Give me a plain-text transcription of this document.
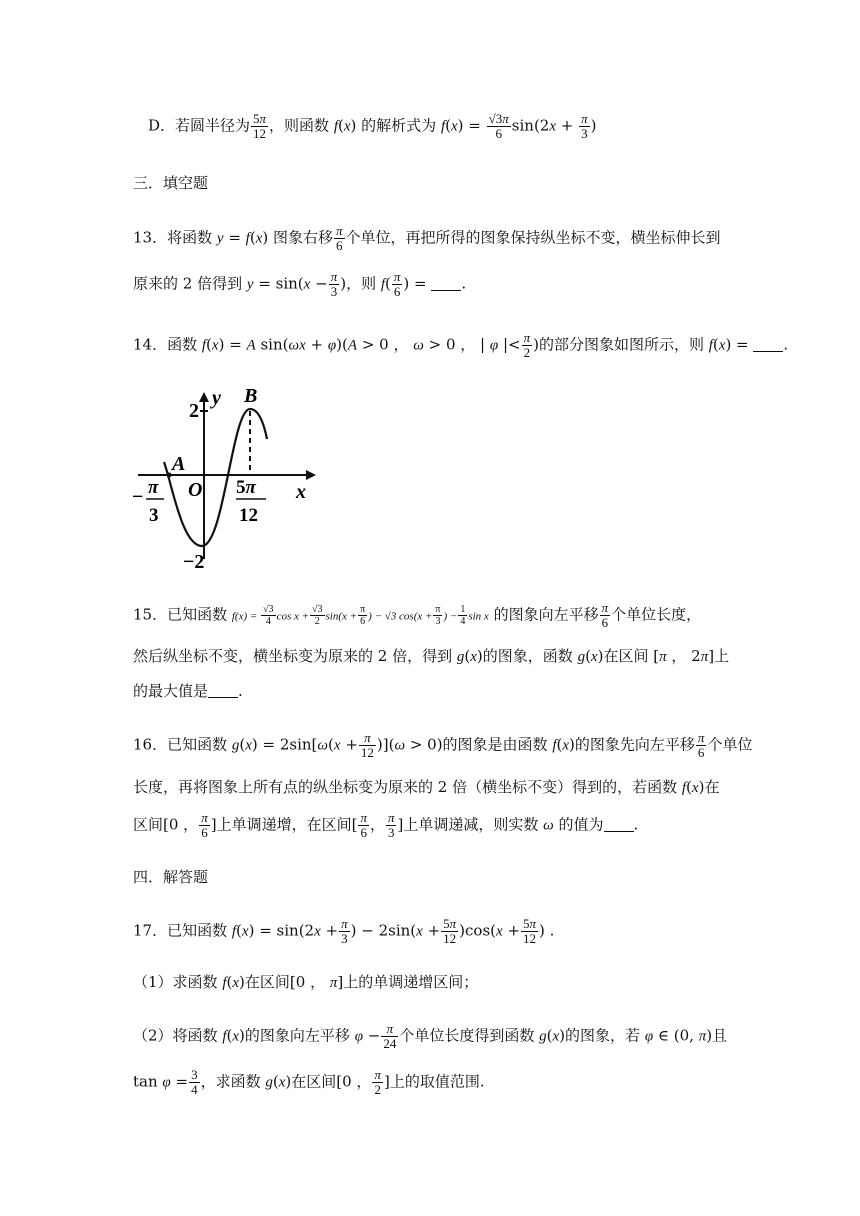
D．若圆半径为 $\frac{5\pi}{12}$ ，则函数 f(x) 的解析式为 $f(x) = \frac{√3\pi}{6} \sin(2x + \frac{\pi}{3}$ )
三．填空题
13．将函数 y = f(x) 图象右移 $\frac{\pi}{6}$ 个单位，再把所得的图象保持纵坐标不变，横坐标伸长到
原来的 2 倍得到 $y = \sin(x - \frac{\pi}{3}$ )，则 $f( \frac{\pi}{6}$ ) = .
14．函数 f(x) = A sin(ωx + φ)(A > 0 ， ω > 0 ， | φ |< $\frac{\pi}{2}$ )的部分图象如图所示，则 f(x) = .
y
x
O
A
B
2
−2
− π
3
5π
12
15．已知函数 $f(x) = \frac{√3}{4}$ $\cos x + \frac{√3}{2} \sin(x + \frac{\pi}{6}$ ) − √3 $\cos(x + \frac{\pi}{3}$ ) − $\frac{1}{4}$ sin x 的图象向左平移 $\frac{\pi}{6}$ 个单位长度，
然后纵坐标不变，横坐标变为原来的 2 倍，得到 g(x)的图象，函数 g(x)在区间 [π ， 2π]上
的最大值是 .
16．已知函数 $g(x) = 2\sin[\omega(x + \frac{\pi}{12} )](\omega > 0)$的图象是由函数 f(x)的图象先向左平移 $\frac{\pi}{6}$ 个单位
长度，再将图象上所有点的纵坐标变为原来的 2 倍（横坐标不变）得到的，若函数 f(x)在
区间[0 ， $\frac{\pi}{6}$ ]上单调递增，在区间[ $\frac{\pi}{6}$ ， $\frac{\pi}{3}$ ]上单调递减，则实数 ω 的值为 .
四．解答题
17．已知函数 $f(x) = \sin(2x + \frac{\pi}{3}$ ) − $2\sin(x + \frac{5\pi}{12} )\cos(x + \frac{5\pi}{12}$ ) .
（1）求函数 f(x)在区间[0 ， π]上的单调递增区间；
（2）将函数 f(x)的图象向左平移 $\varphi - \frac{\pi}{24}$ 个单位长度得到函数 g(x)的图象，若 φ ∈ (0, π)且
$\tan \varphi = \frac{3}{4}$ ，求函数 g(x)在区间[0 ， $\frac{\pi}{2}$ ]上的取值范围.
